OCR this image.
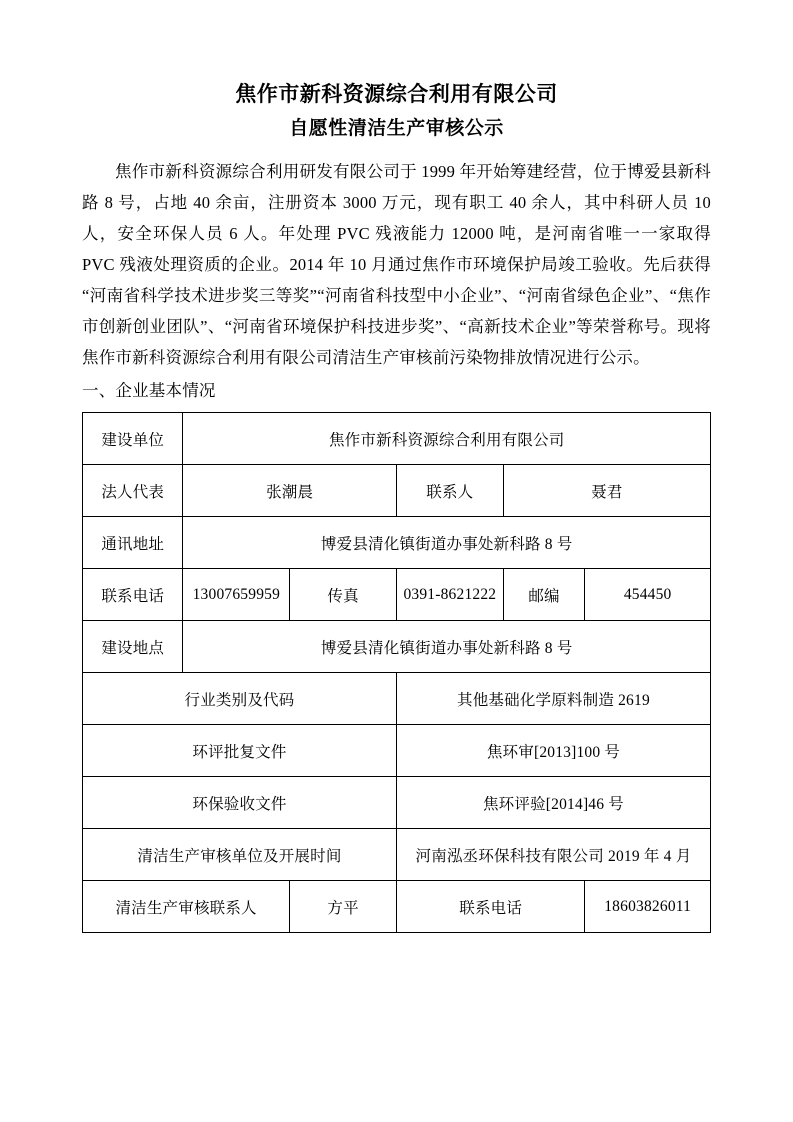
焦作市新科资源综合利用有限公司
自愿性清洁生产审核公示

焦作市新科资源综合利用研发有限公司于 1999 年开始筹建经营，位于博爱县新科路 8 号，占地 40 余亩，注册资本 3000 万元，现有职工 40 余人，其中科研人员 10 人，安全环保人员 6 人。年处理 PVC 残液能力 12000 吨，是河南省唯一一家取得 PVC 残液处理资质的企业。2014 年 10 月通过焦作市环境保护局竣工验收。先后获得“河南省科学技术进步奖三等奖”“河南省科技型中小企业”、“河南省绿色企业”、“焦作市创新创业团队”、“河南省环境保护科技进步奖”、“高新技术企业”等荣誉称号。现将焦作市新科资源综合利用有限公司清洁生产审核前污染物排放情况进行公示。

一、企业基本情况

建设单位	焦作市新科资源综合利用有限公司				
法人代表	张潮晨		联系人	聂君	
通讯地址	博爱县清化镇街道办事处新科路 8 号				
联系电话	13007659959	传真	0391-8621222	邮编	454450
建设地点	博爱县清化镇街道办事处新科路 8 号				
行业类别及代码			其他基础化学原料制造 2619		
环评批复文件			焦环审[2013]100 号		
环保验收文件			焦环评验[2014]46 号		
清洁生产审核单位及开展时间			河南泓丞环保科技有限公司 2019 年 4 月		
清洁生产审核联系人		方平	联系电话		18603826011
